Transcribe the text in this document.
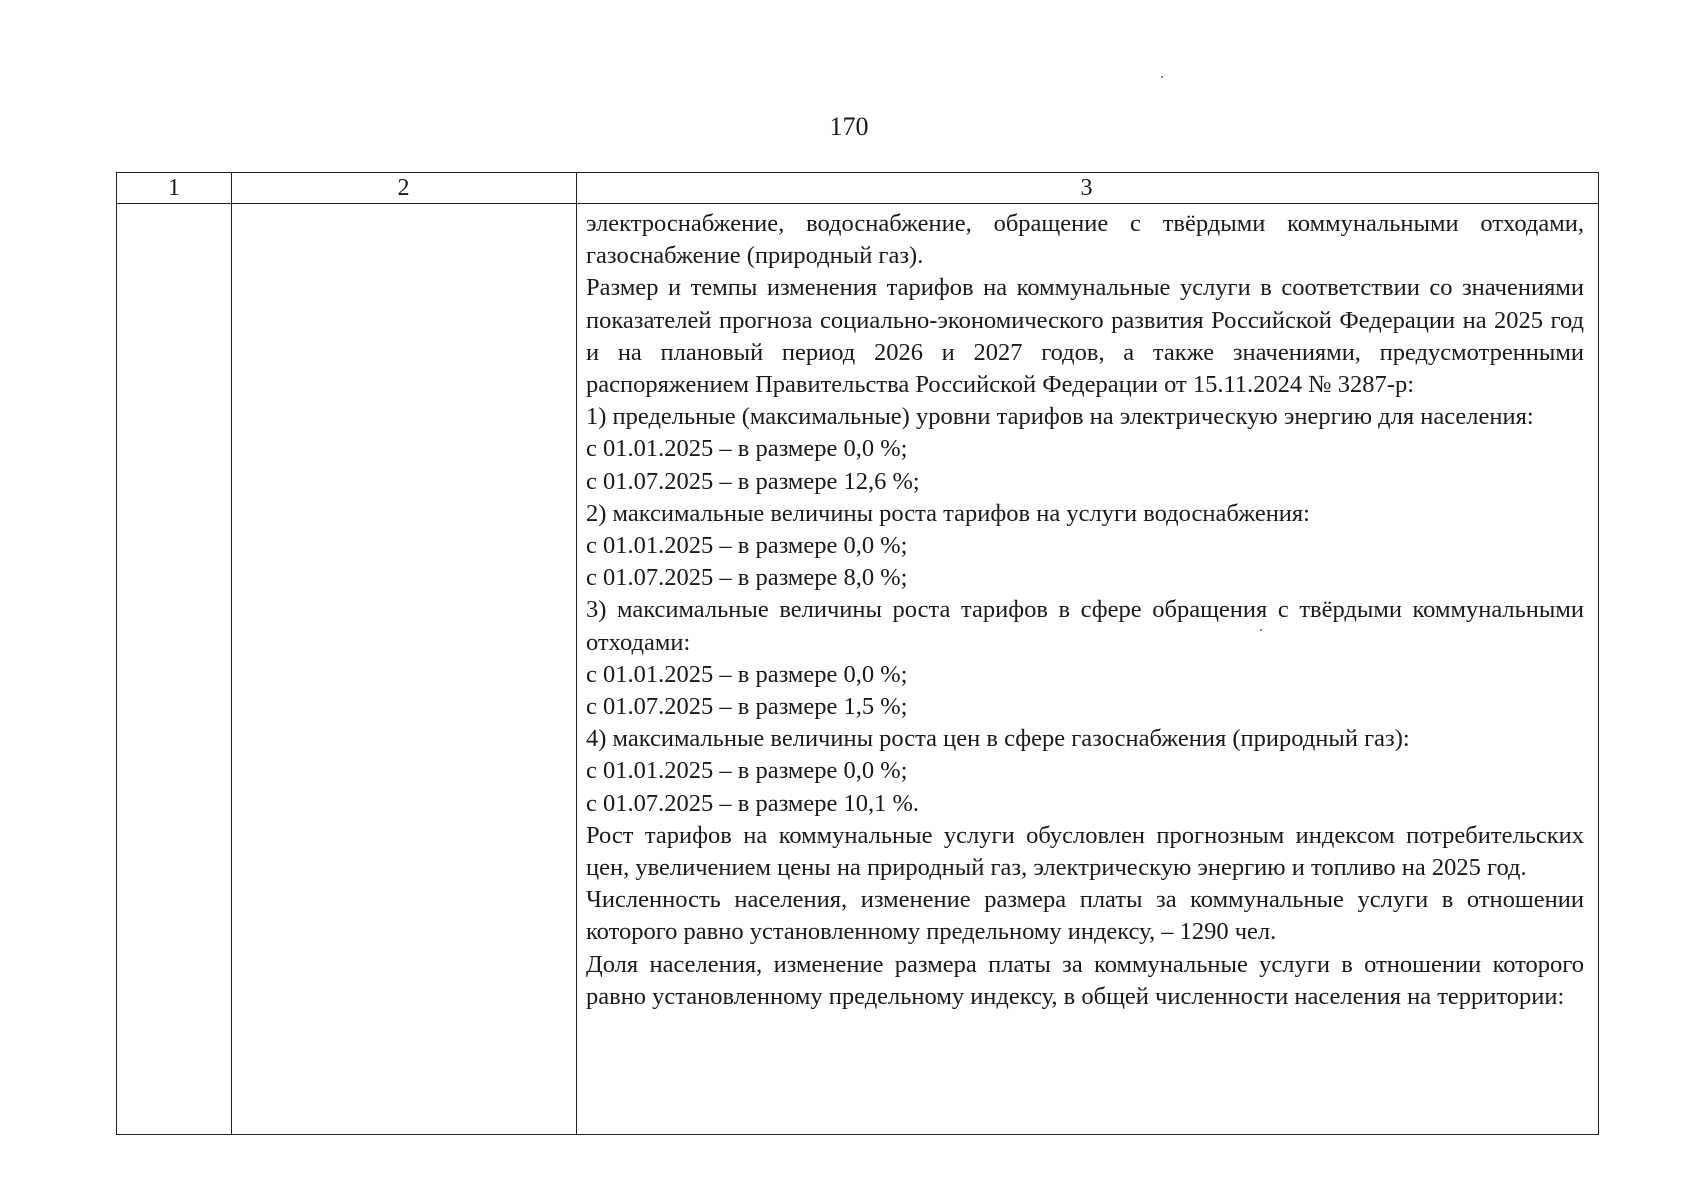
170
1	2	3

электроснабжение, водоснабжение, обращение с твёрдыми коммунальными отходами, газоснабжение (природный газ).

Размер и темпы изменения тарифов на коммунальные услуги в соответствии со значениями показателей прогноза социально-экономического развития Российской Федерации на 2025 год и на плановый период 2026 и 2027 годов, а также значениями, предусмотренными распоряжением Правительства Российской Федерации от 15.11.2024 № 3287-р:

1) предельные (максимальные) уровни тарифов на электрическую энергию для населения:

с 01.01.2025 – в размере 0,0 %;

с 01.07.2025 – в размере 12,6 %;

2) максимальные величины роста тарифов на услуги водоснабжения:

с 01.01.2025 – в размере 0,0 %;

с 01.07.2025 – в размере 8,0 %;

3) максимальные величины роста тарифов в сфере обращения с твёрдыми коммунальными отходами:

с 01.01.2025 – в размере 0,0 %;

с 01.07.2025 – в размере 1,5 %;

4) максимальные величины роста цен в сфере газоснабжения (природный газ):

с 01.01.2025 – в размере 0,0 %;

с 01.07.2025 – в размере 10,1 %.

Рост тарифов на коммунальные услуги обусловлен прогнозным индексом потребительских цен, увеличением цены на природный газ, электрическую энергию и топливо на 2025 год.

Численность населения, изменение размера платы за коммунальные услуги в отношении которого равно установленному предельному индексу, – 1290 чел.

Доля населения, изменение размера платы за коммунальные услуги в отношении которого равно установленному предельному индексу, в общей численности населения на территории:
